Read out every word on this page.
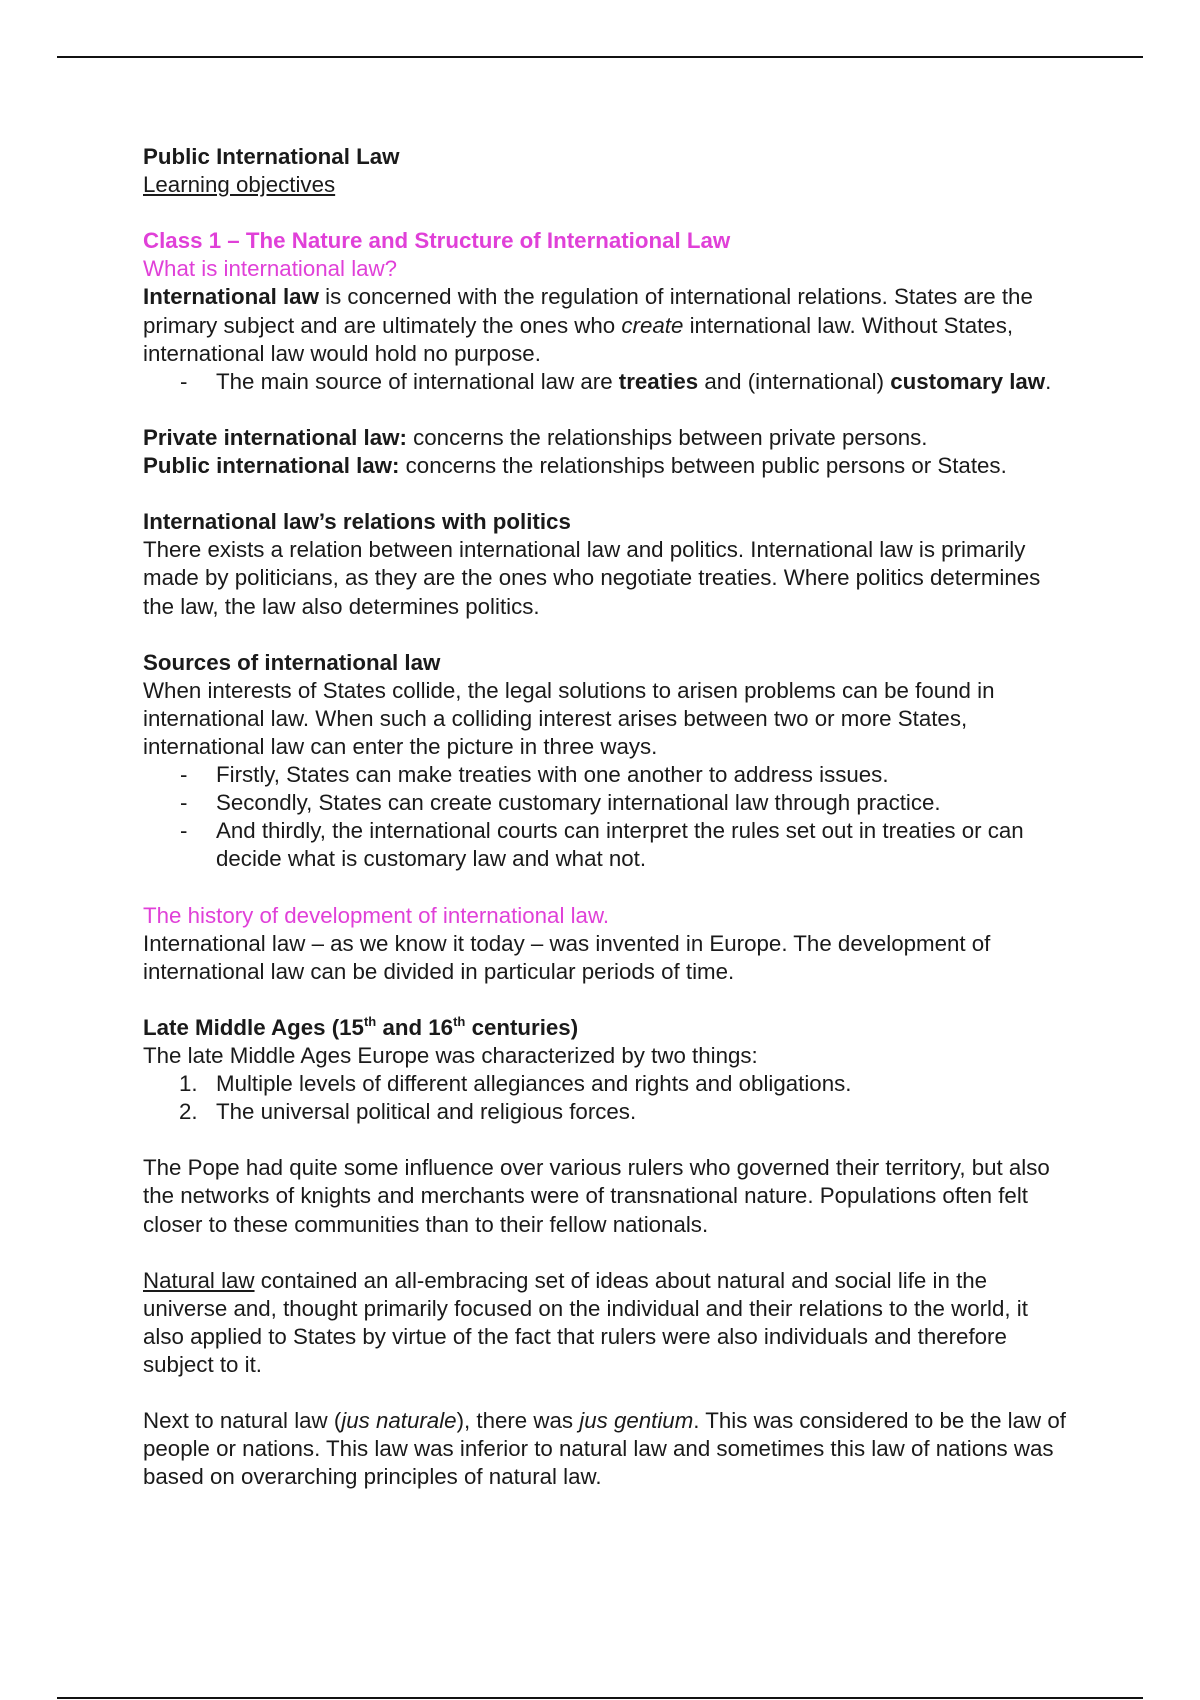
Public International Law

Learning objectives

Class 1 – The Nature and Structure of International Law

What is international law?

International law is concerned with the regulation of international relations. States are the primary subject and are ultimately the ones who create international law. Without States, international law would hold no purpose.

- The main source of international law are treaties and (international) customary law.

Private international law: concerns the relationships between private persons.

Public international law: concerns the relationships between public persons or States.

International law’s relations with politics

There exists a relation between international law and politics. International law is primarily made by politicians, as they are the ones who negotiate treaties. Where politics determines the law, the law also determines politics.

Sources of international law

When interests of States collide, the legal solutions to arisen problems can be found in international law. When such a colliding interest arises between two or more States, international law can enter the picture in three ways.

- Firstly, States can make treaties with one another to address issues.
- Secondly, States can create customary international law through practice.
- And thirdly, the international courts can interpret the rules set out in treaties or can decide what is customary law and what not.

The history of development of international law.

International law – as we know it today – was invented in Europe. The development of international law can be divided in particular periods of time.

Late Middle Ages (15th and 16th centuries)

The late Middle Ages Europe was characterized by two things:

1. Multiple levels of different allegiances and rights and obligations.
2. The universal political and religious forces.

The Pope had quite some influence over various rulers who governed their territory, but also the networks of knights and merchants were of transnational nature. Populations often felt closer to these communities than to their fellow nationals.

Natural law contained an all-embracing set of ideas about natural and social life in the universe and, thought primarily focused on the individual and their relations to the world, it also applied to States by virtue of the fact that rulers were also individuals and therefore subject to it.

Next to natural law (jus naturale), there was jus gentium. This was considered to be the law of people or nations. This law was inferior to natural law and sometimes this law of nations was based on overarching principles of natural law.
